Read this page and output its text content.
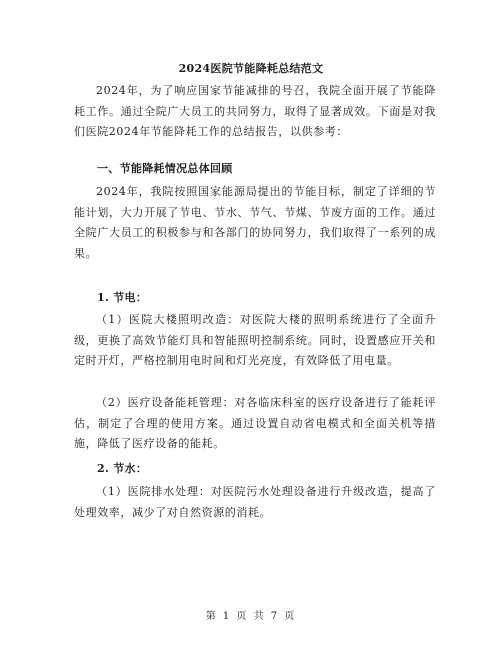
2024医院节能降耗总结范文

2024年，为了响应国家节能减排的号召，我院全面开展了节能降耗工作。通过全院广大员工的共同努力，取得了显著成效。下面是对我们医院2024年节能降耗工作的总结报告，以供参考：

一、节能降耗情况总体回顾

2024年，我院按照国家能源局提出的节能目标，制定了详细的节能计划，大力开展了节电、节水、节气、节煤、节废方面的工作。通过全院广大员工的积极参与和各部门的协同努力，我们取得了一系列的成果。

1. 节电：

（1）医院大楼照明改造：对医院大楼的照明系统进行了全面升级，更换了高效节能灯具和智能照明控制系统。同时，设置感应开关和定时开灯，严格控制用电时间和灯光亮度，有效降低了用电量。

（2）医疗设备能耗管理：对各临床科室的医疗设备进行了能耗评估，制定了合理的使用方案。通过设置自动省电模式和全面关机等措施，降低了医疗设备的能耗。

2. 节水：

（1）医院排水处理：对医院污水处理设备进行升级改造，提高了处理效率，减少了对自然资源的消耗。

第 1 页 共 7 页
